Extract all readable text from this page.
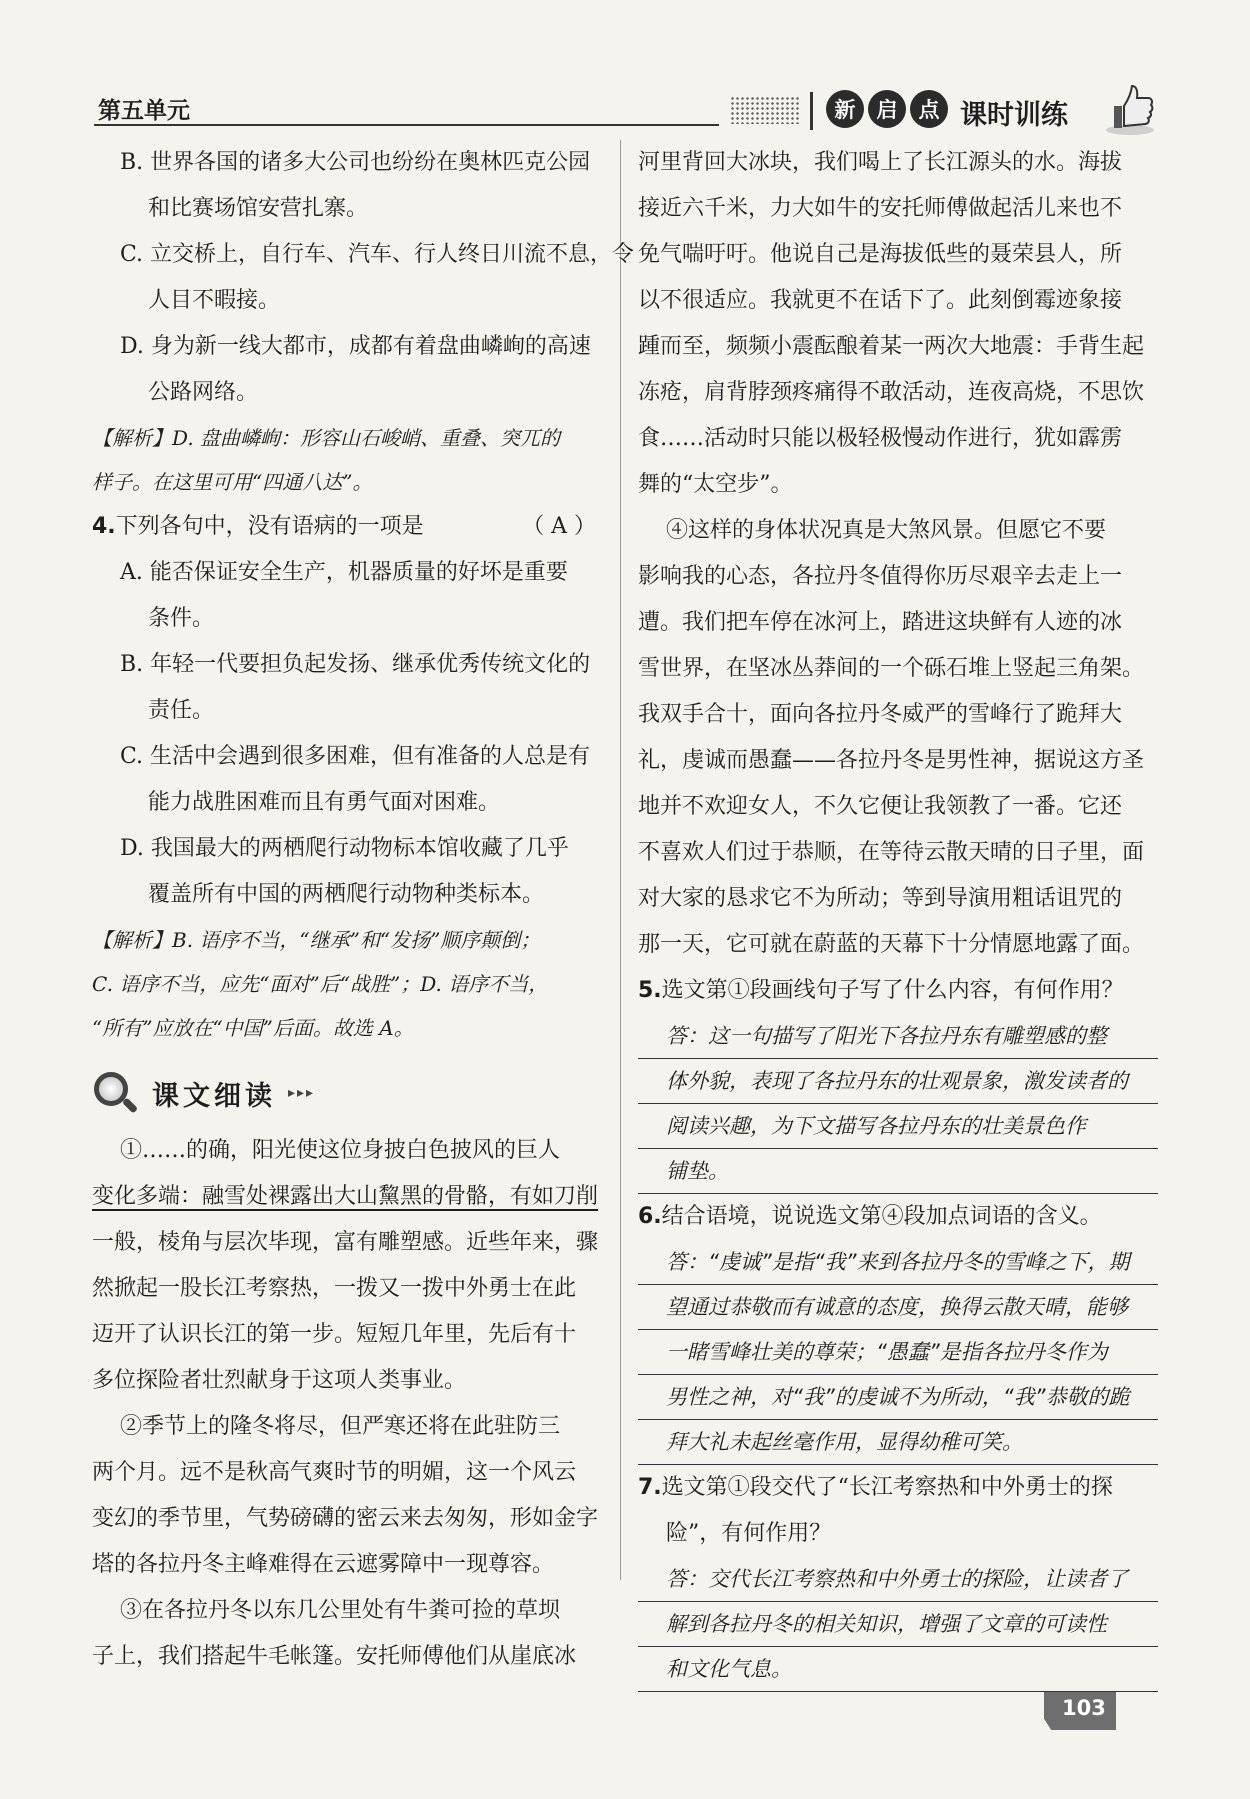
第五单元	新	启	点 课时训练
B. 世界各国的诸多大公司也纷纷在奥林匹克公园
和比赛场馆安营扎寨。
C. 立交桥上，自行车、汽车、行人终日川流不息，令
人目不暇接。
D. 身为新一线大都市，成都有着盘曲嶙峋的高速
公路网络。
【解析】D. 盘曲嶙峋：形容山石峻峭、重叠、突兀的
样子。在这里可用“四通八达”。
4.下列各句中，没有语病的一项是	（ A ）
A. 能否保证安全生产，机器质量的好坏是重要
条件。
B. 年轻一代要担负起发扬、继承优秀传统文化的
责任。
C. 生活中会遇到很多困难，但有准备的人总是有
能力战胜困难而且有勇气面对困难。
D. 我国最大的两栖爬行动物标本馆收藏了几乎
覆盖所有中国的两栖爬行动物种类标本。
【解析】B. 语序不当，“继承”和“发扬”顺序颠倒；
C. 语序不当，应先“面对”后“战胜”；D. 语序不当，
“所有”应放在“中国”后面。故选 A。
课文细读 ▸▸▸
①……的确，阳光使这位身披白色披风的巨人
变化多端：融雪处裸露出大山黧黑的骨骼，有如刀削
一般，棱角与层次毕现，富有雕塑感。近些年来，骤
然掀起一股长江考察热，一拨又一拨中外勇士在此
迈开了认识长江的第一步。短短几年里，先后有十
多位探险者壮烈献身于这项人类事业。
②季节上的隆冬将尽，但严寒还将在此驻防三
两个月。远不是秋高气爽时节的明媚，这一个风云
变幻的季节里，气势磅礴的密云来去匆匆，形如金字
塔的各拉丹冬主峰难得在云遮雾障中一现尊容。
③在各拉丹冬以东几公里处有牛粪可捡的草坝
子上，我们搭起牛毛帐篷。安托师傅他们从崖底冰
河里背回大冰块，我们喝上了长江源头的水。海拔
接近六千米，力大如牛的安托师傅做起活儿来也不
免气喘吁吁。他说自己是海拔低些的聂荣县人，所
以不很适应。我就更不在话下了。此刻倒霉迹象接
踵而至，频频小震酝酿着某一两次大地震：手背生起
冻疮，肩背脖颈疼痛得不敢活动，连夜高烧，不思饮
食……活动时只能以极轻极慢动作进行，犹如霹雳
舞的“太空步”。
④这样的身体状况真是大煞风景。但愿它不要
影响我的心态，各拉丹冬值得你历尽艰辛去走上一
遭。我们把车停在冰河上，踏进这块鲜有人迹的冰
雪世界，在坚冰丛莽间的一个砾石堆上竖起三角架。
我双手合十，面向各拉丹冬威严的雪峰行了跪拜大
礼，虔诚而愚蠢——各拉丹冬是男性神，据说这方圣
地并不欢迎女人，不久它便让我领教了一番。它还
不喜欢人们过于恭顺，在等待云散天晴的日子里，面
对大家的恳求它不为所动；等到导演用粗话诅咒的
那一天，它可就在蔚蓝的天幕下十分情愿地露了面。
5.选文第①段画线句子写了什么内容，有何作用？
答：这一句描写了阳光下各拉丹东有雕塑感的整
体外貌，表现了各拉丹东的壮观景象，激发读者的
阅读兴趣，为下文描写各拉丹东的壮美景色作
铺垫。
6.结合语境，说说选文第④段加点词语的含义。
答：“虔诚”是指“我”来到各拉丹冬的雪峰之下，期
望通过恭敬而有诚意的态度，换得云散天晴，能够
一睹雪峰壮美的尊荣；“愚蠢”是指各拉丹冬作为
男性之神，对“我”的虔诚不为所动，“我”恭敬的跪
拜大礼未起丝毫作用，显得幼稚可笑。
7.选文第①段交代了“长江考察热和中外勇士的探
险”，有何作用？
答：交代长江考察热和中外勇士的探险，让读者了
解到各拉丹冬的相关知识，增强了文章的可读性
和文化气息。
103
